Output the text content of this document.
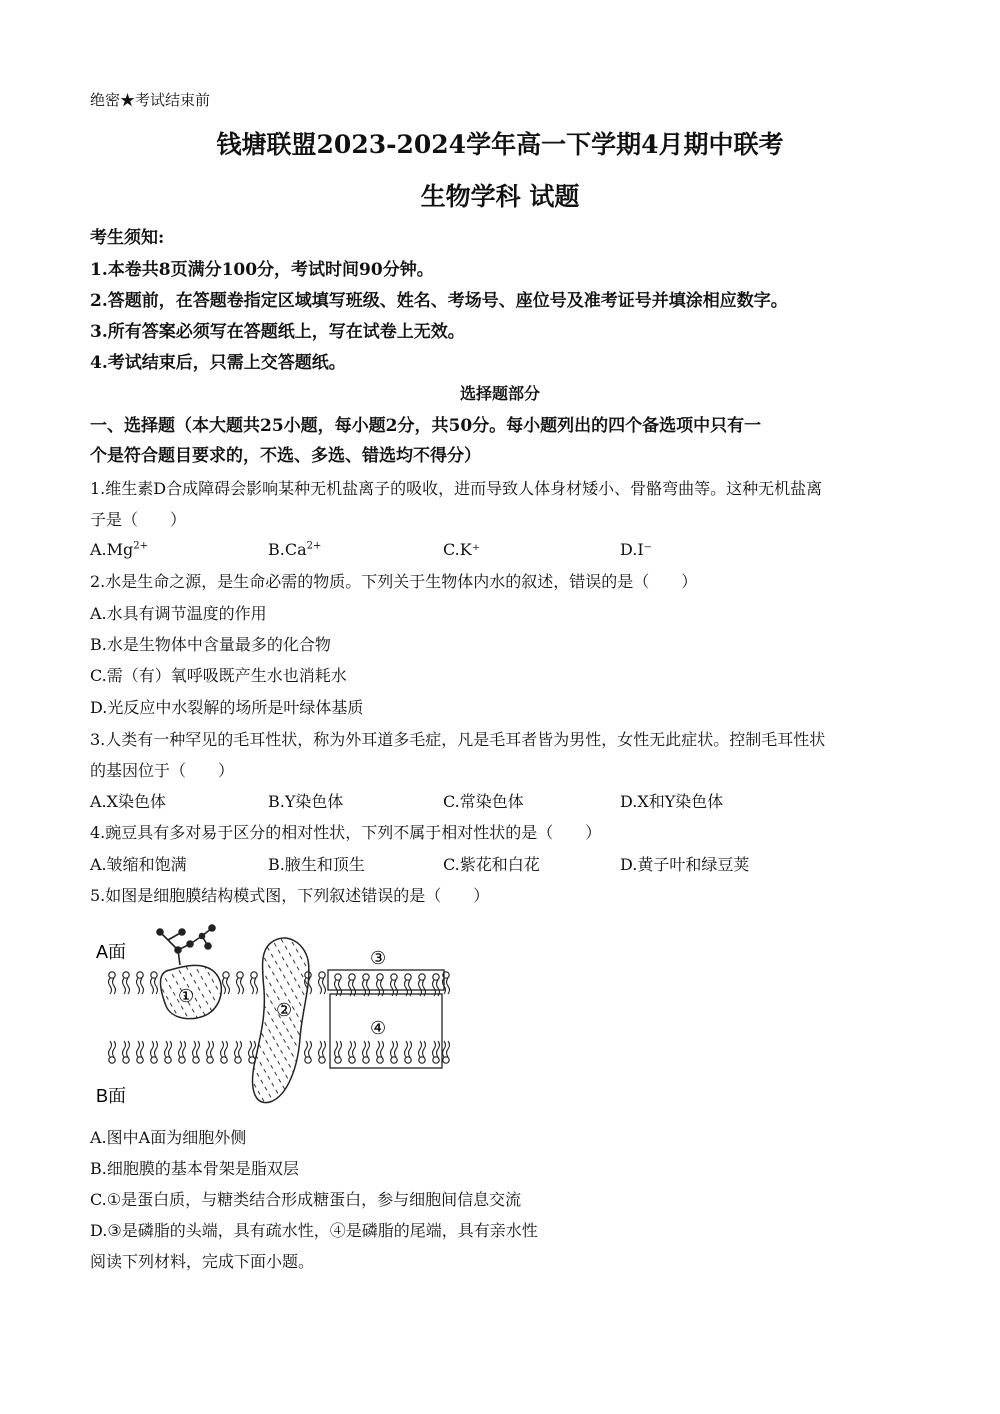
绝密★考试结束前
钱塘联盟2023-2024学年高一下学期4月期中联考
生物学科 试题
考生须知:
1.本卷共8页满分100分，考试时间90分钟。
2.答题前，在答题卷指定区域填写班级、姓名、考场号、座位号及准考证号并填涂相应数字。
3.所有答案必须写在答题纸上，写在试卷上无效。
4.考试结束后，只需上交答题纸。
选择题部分
一、选择题（本大题共25小题，每小题2分，共50分。每小题列出的四个备选项中只有一
个是符合题目要求的，不选、多选、错选均不得分）
1.维生素D合成障碍会影响某种无机盐离子的吸收，进而导致人体身材矮小、骨骼弯曲等。这种无机盐离
子是（　　）
$A.Mg^{2+}$	$B.Ca^{2+}$	C.K⁺	D.I⁻
2.水是生命之源，是生命必需的物质。下列关于生物体内水的叙述，错误的是（　　）
A.水具有调节温度的作用
B.水是生物体中含量最多的化合物
C.需（有）氧呼吸既产生水也消耗水
D.光反应中水裂解的场所是叶绿体基质
3.人类有一种罕见的毛耳性状，称为外耳道多毛症，凡是毛耳者皆为男性，女性无此症状。控制毛耳性状
的基因位于（　　）
A.X染色体	B.Y染色体	C.常染色体	D.X和Y染色体
4.豌豆具有多对易于区分的相对性状，下列不属于相对性状的是（　　）
A.皱缩和饱满	B.腋生和顶生	C.紫花和白花	D.黄子叶和绿豆荚
5.如图是细胞膜结构模式图，下列叙述错误的是（　　）
A面
B面
①
②
③
④
A.图中A面为细胞外侧
B.细胞膜的基本骨架是脂双层
C.①是蛋白质，与糖类结合形成糖蛋白，参与细胞间信息交流
D.③是磷脂的头端，具有疏水性，④是磷脂的尾端，具有亲水性
阅读下列材料，完成下面小题。
